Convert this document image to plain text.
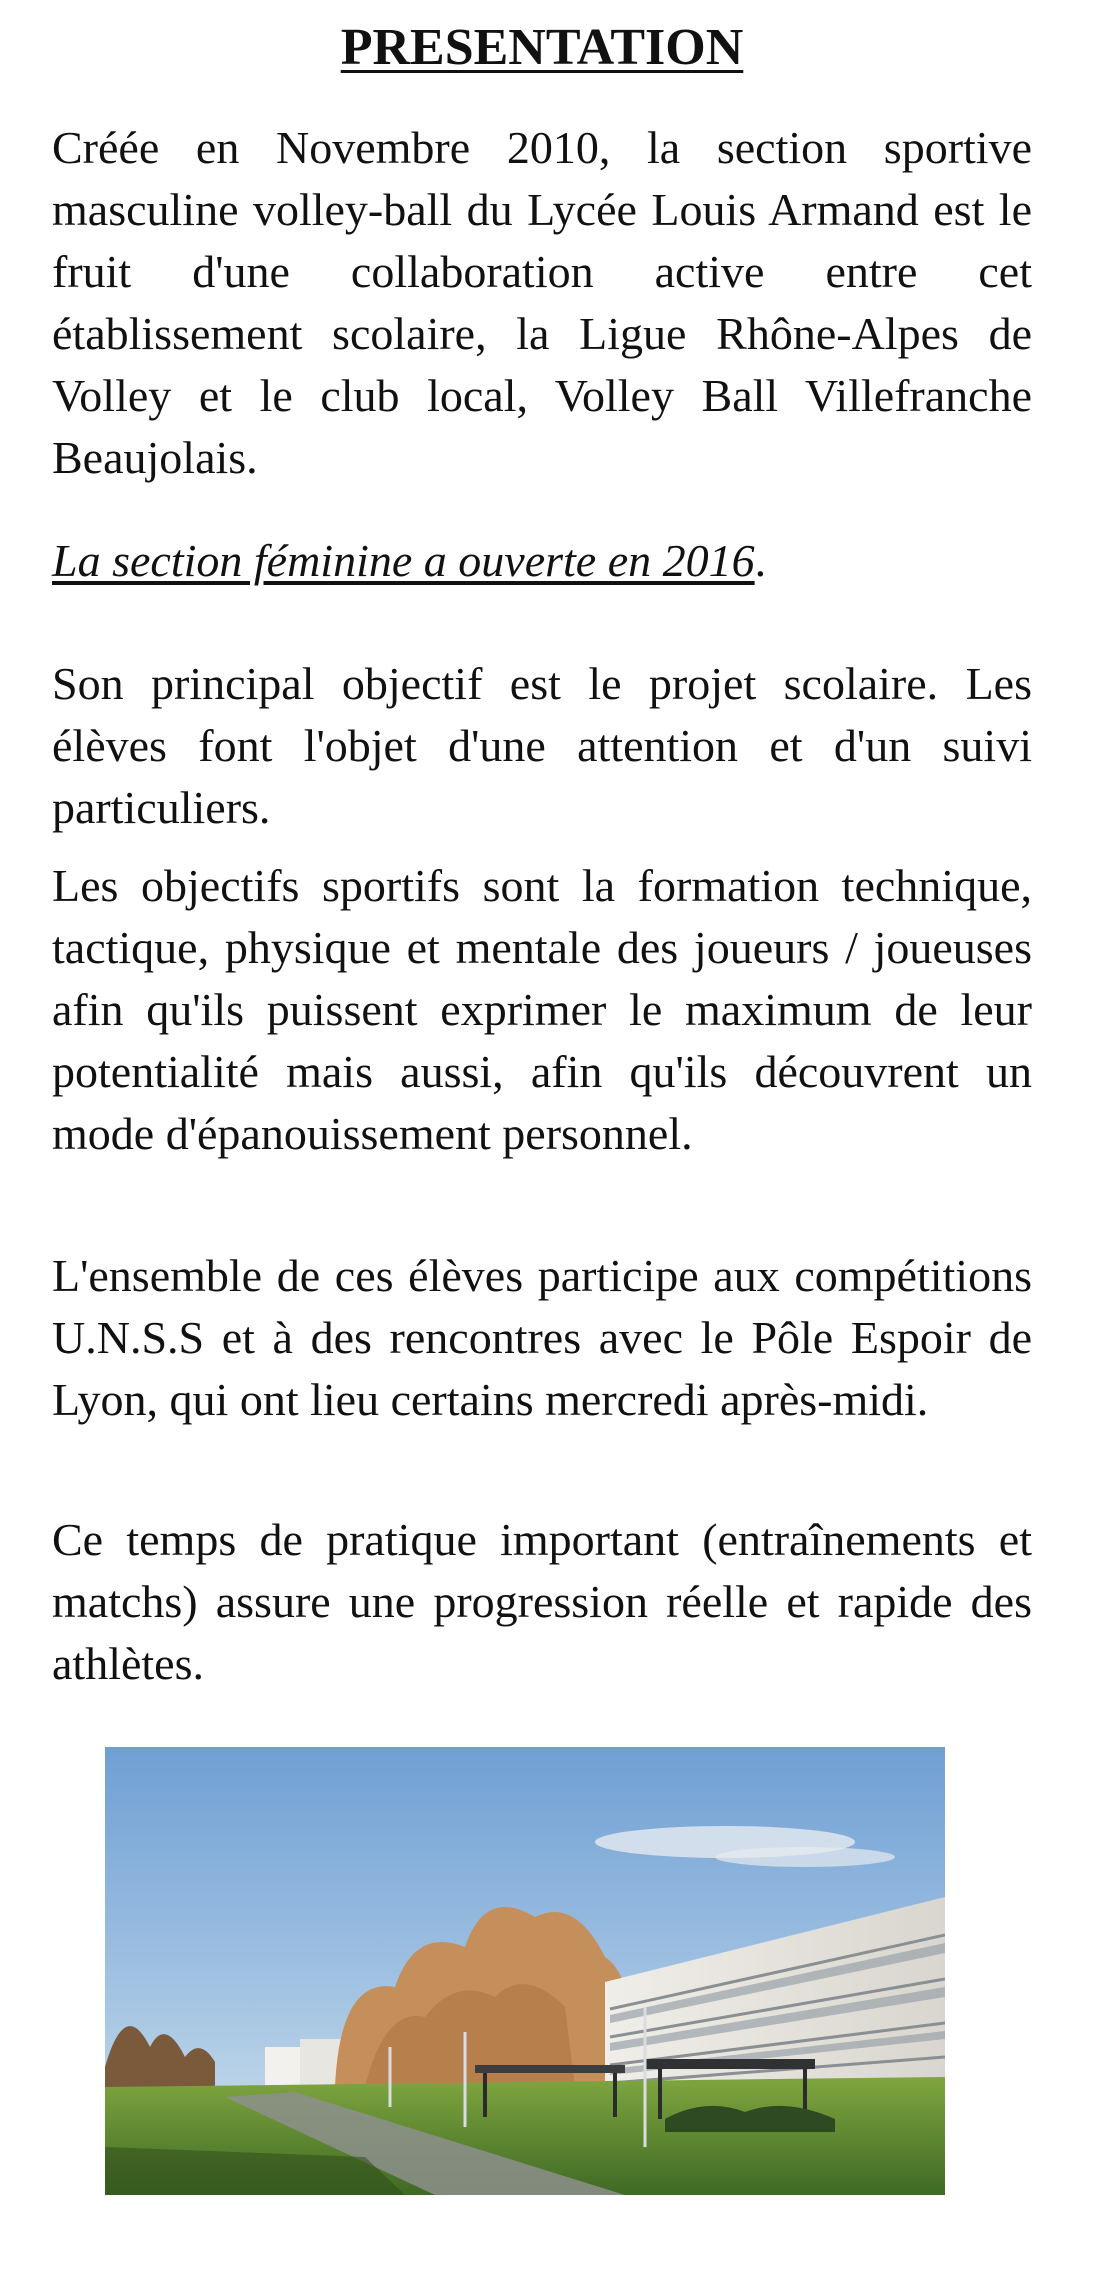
PRESENTATION

Créée en Novembre 2010, la section sportive masculine volley-ball du Lycée Louis Armand est le fruit d'une collaboration active entre cet établissement scolaire, la Ligue Rhône-Alpes de Volley et le club local, Volley Ball Villefranche Beaujolais.

La section féminine a ouverte en 2016.

Son principal objectif est le projet scolaire. Les élèves font l'objet d'une attention et d'un suivi particuliers.

Les objectifs sportifs sont la formation technique, tactique, physique et mentale des joueurs / joueuses afin qu'ils puissent exprimer le maximum de leur potentialité mais aussi, afin qu'ils découvrent un mode d'épanouissement personnel.

L'ensemble de ces élèves participe aux compétitions U.N.S.S et à des rencontres avec le Pôle Espoir de Lyon, qui ont lieu certains mercredi après-midi.

Ce temps de pratique important (entraînements et matchs) assure une progression réelle et rapide des athlètes.
